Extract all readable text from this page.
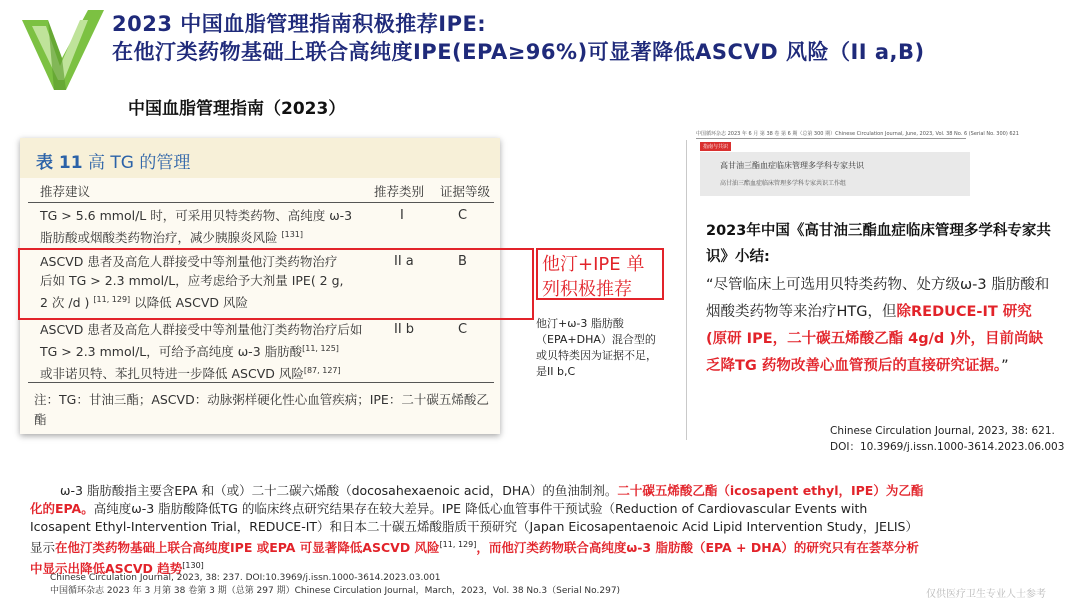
2023 中国血脂管理指南积极推荐IPE:
在他汀类药物基础上联合高纯度IPE(EPA≥96%)可显著降低ASCVD 风险（II a,B)
中国血脂管理指南（2023）
表 11 高 TG 的管理
推荐建议	推荐类别 证据等级
TG > 5.6 mmol/L 时，可采用贝特类药物、高纯度 ω-3
脂肪酸或烟酸类药物治疗，减少胰腺炎风险 [131]
I	C
ASCVD 患者及高危人群接受中等剂量他汀类药物治疗
后如 TG > 2.3 mmol/L，应考虑给予大剂量 IPE( 2 g,
2 次 /d ) [11, 129] 以降低 ASCVD 风险
II a	B
ASCVD 患者及高危人群接受中等剂量他汀类药物治疗后如
TG > 2.3 mmol/L，可给予高纯度 ω-3 脂肪酸[11, 125]
或非诺贝特、苯扎贝特进一步降低 ASCVD 风险[87, 127]
II b	C
注：TG：甘油三酯；ASCVD：动脉粥样硬化性心血管疾病；IPE：二十碳五烯酸乙酯
他汀+IPE 单列积极推荐
他汀+ω-3 脂肪酸（EPA+DHA）混合型的或贝特类因为证据不足，是II b,C
中国循环杂志 2023 年 6 月 第 38 卷 第 6 期（总第 300 期）Chinese Circulation Journal, June, 2023, Vol. 38 No. 6 (Serial No. 300) 621
指南与共识
高甘油三酯血症临床管理多学科专家共识
高甘油三酯血症临床管理多学科专家共识工作组
2023年中国《高甘油三酯血症临床管理多学科专家共识》小结:
“尽管临床上可选用贝特类药物、处方级ω-3 脂肪酸和烟酸类药物等来治疗HTG，但除REDUCE-IT 研究(原研 IPE，二十碳五烯酸乙酯 4g/d )外，目前尚缺乏降TG 药物改善心血管预后的直接研究证据。”
Chinese Circulation Journal, 2023, 38: 621.
DOI：10.3969/j.issn.1000-3614.2023.06.003
ω-3 脂肪酸指主要含EPA 和（或）二十二碳六烯酸（docosahexaenoic acid，DHA）的鱼油制剂。二十碳五烯酸乙酯（icosapent ethyl，IPE）为乙酯化的EPA。高纯度ω-3 脂肪酸降低TG 的临床终点研究结果存在较大差异。IPE 降低心血管事件干预试验（Reduction of Cardiovascular Events with Icosapent Ethyl-Intervention Trial，REDUCE-IT）和日本二十碳五烯酸脂质干预研究（Japan Eicosapentaenoic Acid Lipid Intervention Study，JELIS）显示在他汀类药物基础上联合高纯度IPE 或EPA 可显著降低ASCVD 风险[11, 129]，而他汀类药物联合高纯度ω-3 脂肪酸（EPA + DHA）的研究只有在荟萃分析中显示出降低ASCVD 趋势[130]
Chinese Circulation Journal, 2023, 38: 237. DOI:10.3969/j.issn.1000-3614.2023.03.001
中国循环杂志 2023 年 3 月第 38 卷第 3 期（总第 297 期）Chinese Circulation Journal，March，2023，Vol. 38 No.3（Serial No.297)	仅供医疗卫生专业人士参考
